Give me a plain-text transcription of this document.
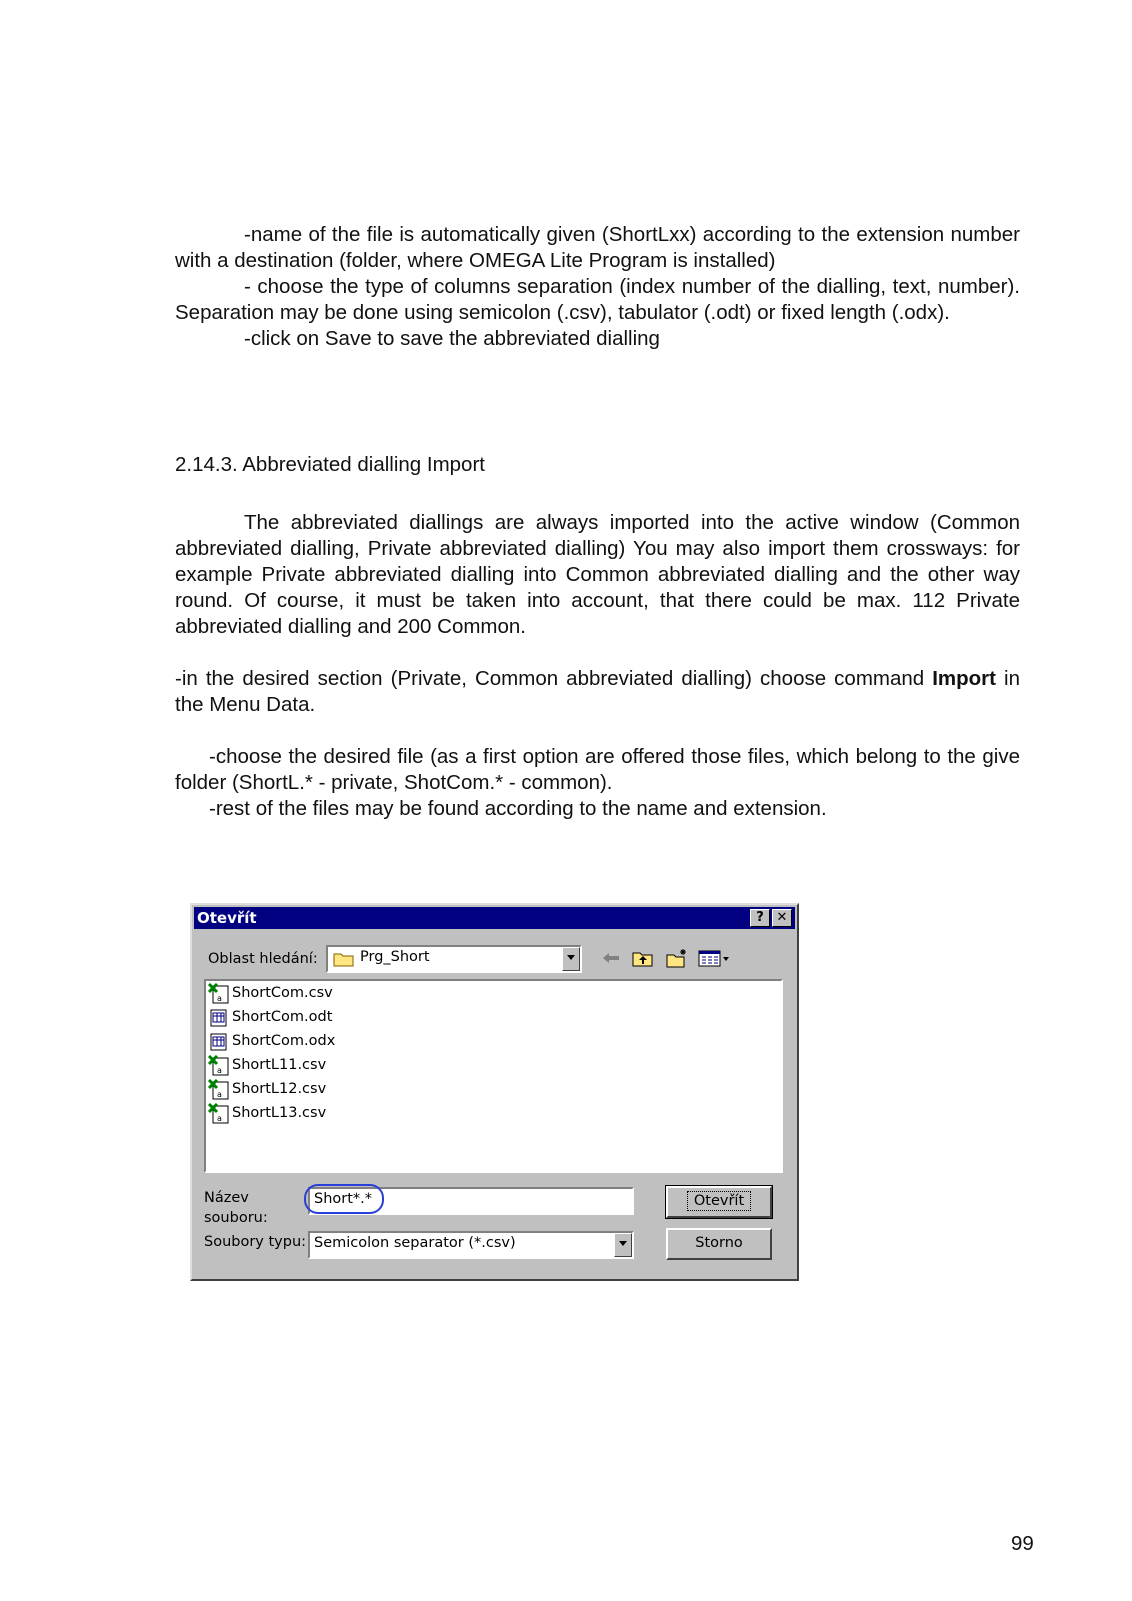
-name of the file is automatically given (ShortLxx) according to the extension number with a destination (folder, where OMEGA Lite Program is installed)

- choose the type of columns separation (index number of the dialling, text, number). Separation may be done using semicolon (.csv), tabulator (.odt) or fixed length (.odx).

-click on Save to save the abbreviated dialling

2.14.3. Abbreviated dialling Import

The abbreviated diallings are always imported into the active window (Common abbreviated dialling, Private abbreviated dialling) You may also import them crossways: for example Private abbreviated dialling into Common abbreviated dialling and the other way round. Of course, it must be taken into account, that there could be max. 112 Private abbreviated dialling and 200 Common.

-in the desired section (Private, Common abbreviated dialling) choose command Import in the Menu Data.

-choose the desired file (as a first option are offered those files, which belong to the give folder (ShortL.* - private, ShotCom.* - common).

-rest of the files may be found according to the name and extension.

Otevřít	? ✕
Oblast hledání:	Prg_Short
a ShortCom.csv
ShortCom.odt
ShortCom.odx
a ShortL11.csv
a ShortL12.csv
a ShortL13.csv
Název
souboru:
Short*.*
Soubory typu: Semicolon separator (*.csv)
Otevřít
Storno
99
